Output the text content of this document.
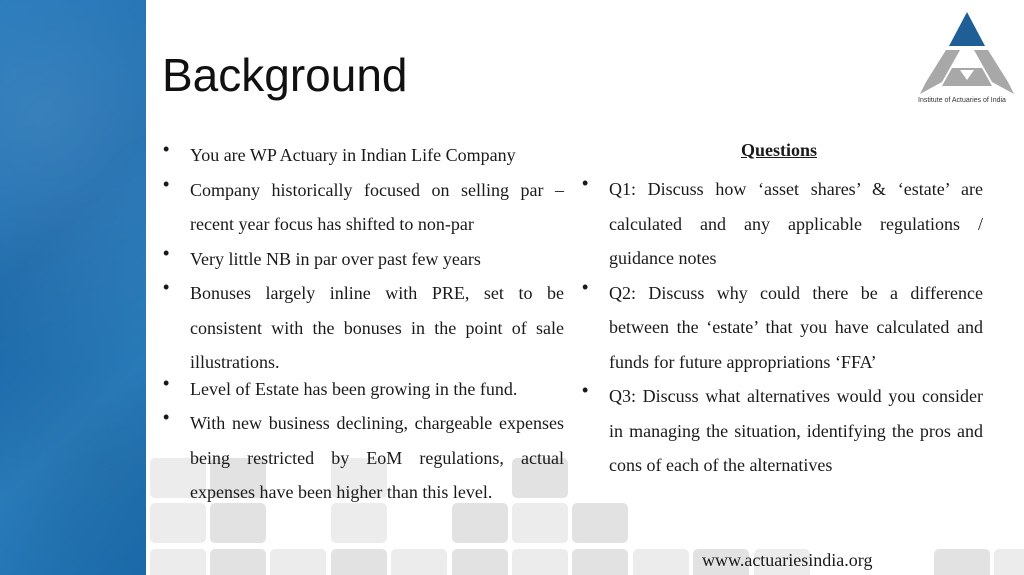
Background	Institute of Actuaries of India
• You are WP Actuary in Indian Life Company
• Company historically focused on selling par – recent year focus has shifted to non-par
• Very little NB in par over past few years
• Bonuses largely inline with PRE, set to be consistent with the bonuses in the point of sale illustrations.
• Level of Estate has been growing in the fund.
• With new business declining, chargeable expenses being restricted by EoM regulations, actual expenses have been higher than this level.
Questions
• Q1: Discuss how ‘asset shares’ & ‘estate’ are calculated and any applicable regulations / guidance notes
• Q2: Discuss why could there be a difference between the ‘estate’ that you have calculated and funds for future appropriations ‘FFA’
• Q3: Discuss what alternatives would you consider in managing the situation, identifying the pros and cons of each of the alternatives
www.actuariesindia.org
